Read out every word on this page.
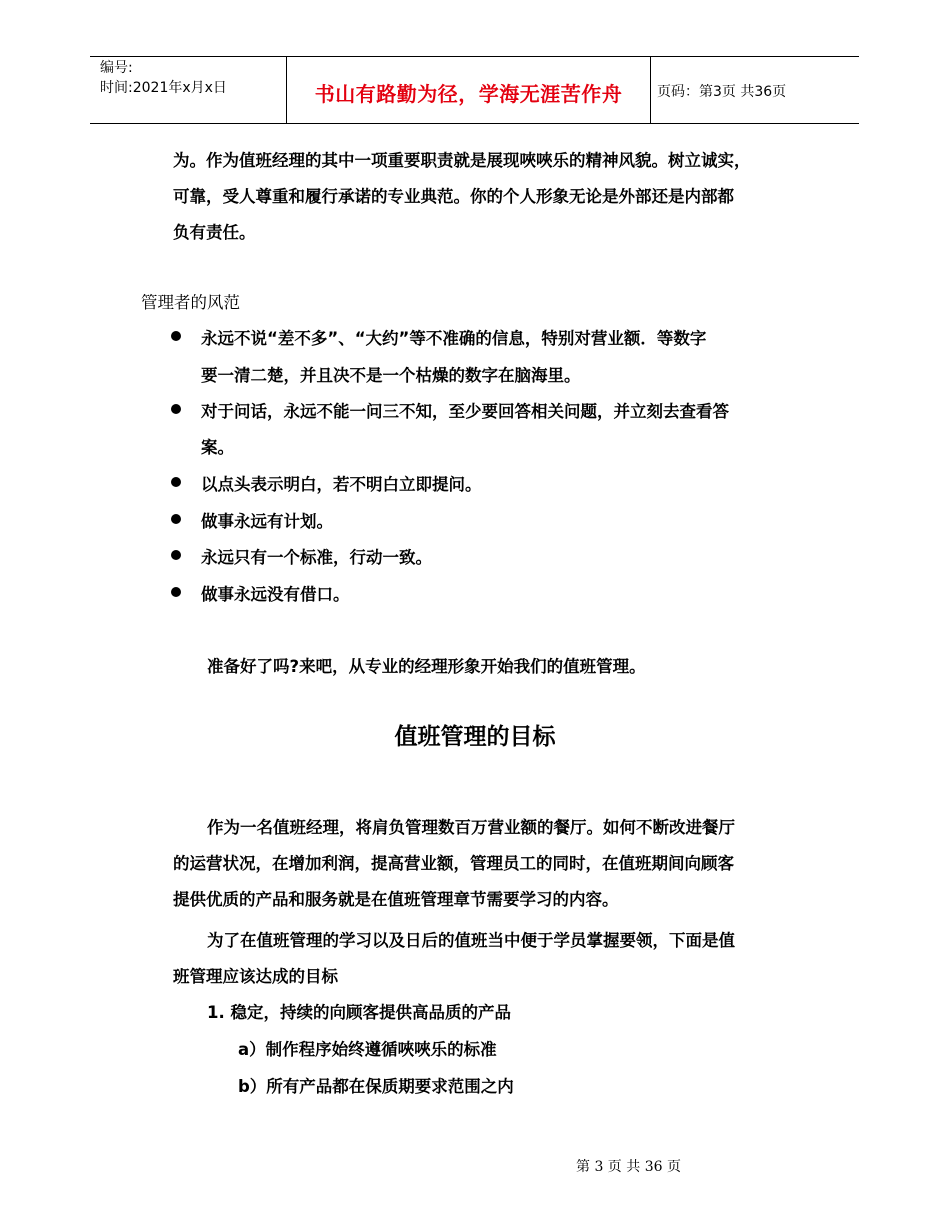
编号:
时间:2021年x月x日	书山有路勤为径，学海无涯苦作舟	页码：第3页 共36页
为。作为值班经理的其中一项重要职责就是展现唊唊乐的精神风貌。树立诚实，
可靠，受人尊重和履行承诺的专业典范。你的个人形象无论是外部还是内部都
负有责任。
管理者的风范
永远不说“差不多”、“大约”等不准确的信息，特别对营业额．等数字
要一清二楚，并且决不是一个枯燥的数字在脑海里。
对于问话，永远不能一问三不知，至少要回答相关问题，并立刻去查看答
案。
以点头表示明白，若不明白立即提问。
做事永远有计划。
永远只有一个标准，行动一致。
做事永远没有借口。
准备好了吗?来吧，从专业的经理形象开始我们的值班管理。
值班管理的目标
作为一名值班经理，将肩负管理数百万营业额的餐厅。如何不断改进餐厅
的运营状况，在增加利润，提高营业额，管理员工的同时，在值班期间向顾客
提供优质的产品和服务就是在值班管理章节需要学习的内容。
为了在值班管理的学习以及日后的值班当中便于学员掌握要领，下面是值
班管理应该达成的目标
1. 稳定，持续的向顾客提供高品质的产品
a）制作程序始终遵循唊唊乐的标准
b）所有产品都在保质期要求范围之内
第 3 页 共 36 页
